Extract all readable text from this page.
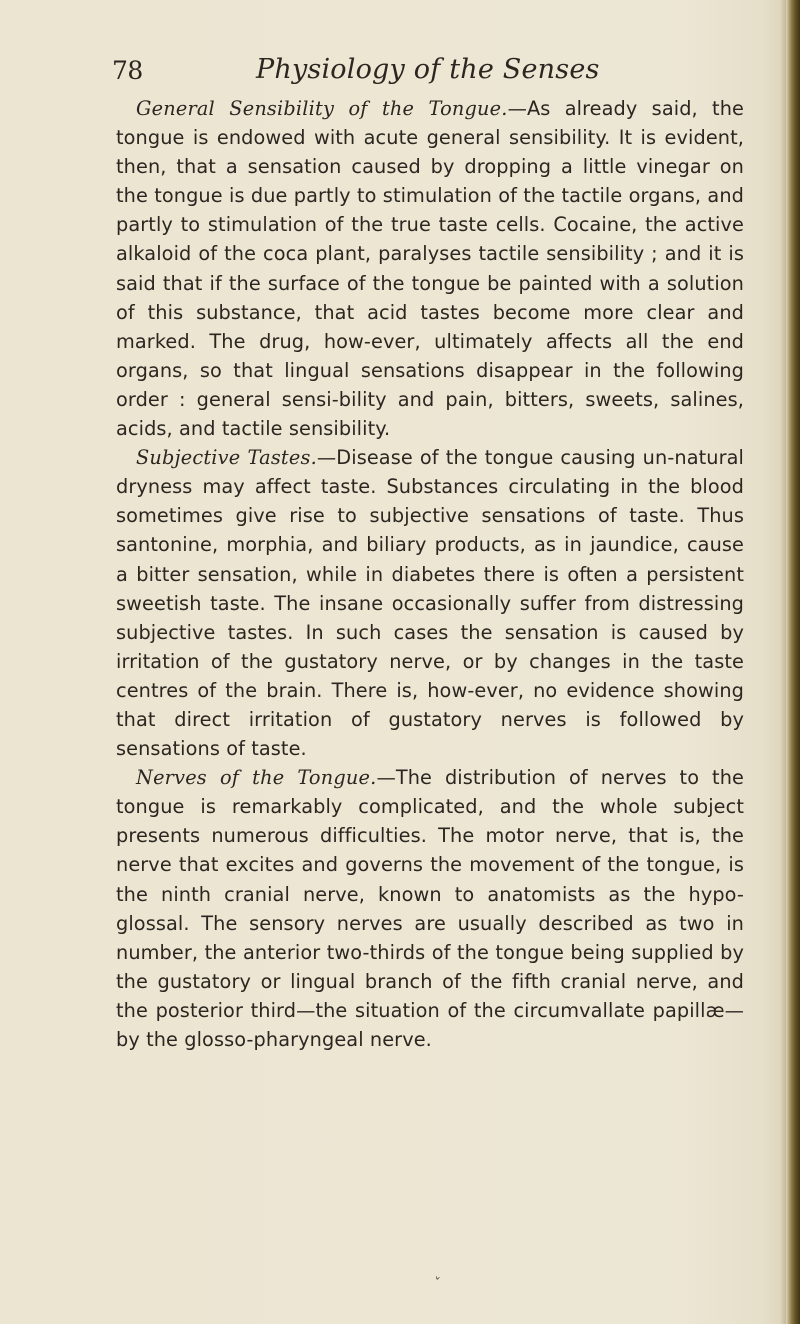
78	Physiology of the Senses

General Sensibility of the Tongue.—As already said, the tongue is endowed with acute general sensibility. It is evident, then, that a sensation caused by dropping a little vinegar on the tongue is due partly to stimulation of the tactile organs, and partly to stimulation of the true taste cells. Cocaine, the active alkaloid of the coca plant, paralyses tactile sensibility ; and it is said that if the surface of the tongue be painted with a solution of this substance, that acid tastes become more clear and marked. The drug, how-ever, ultimately affects all the end organs, so that lingual sensations disappear in the following order : general sensi-bility and pain, bitters, sweets, salines, acids, and tactile sensibility.

Subjective Tastes.—Disease of the tongue causing un-natural dryness may affect taste. Substances circulating in the blood sometimes give rise to subjective sensations of taste. Thus santonine, morphia, and biliary products, as in jaundice, cause a bitter sensation, while in diabetes there is often a persistent sweetish taste. The insane occasionally suffer from distressing subjective tastes. In such cases the sensation is caused by irritation of the gustatory nerve, or by changes in the taste centres of the brain. There is, how-ever, no evidence showing that direct irritation of gustatory nerves is followed by sensations of taste.

Nerves of the Tongue.—The distribution of nerves to the tongue is remarkably complicated, and the whole subject presents numerous difficulties. The motor nerve, that is, the nerve that excites and governs the movement of the tongue, is the ninth cranial nerve, known to anatomists as the hypo-glossal. The sensory nerves are usually described as two in number, the anterior two-thirds of the tongue being supplied by the gustatory or lingual branch of the fifth cranial nerve, and the posterior third—the situation of the circumvallate papillæ—by the glosso-pharyngeal nerve.

˅
